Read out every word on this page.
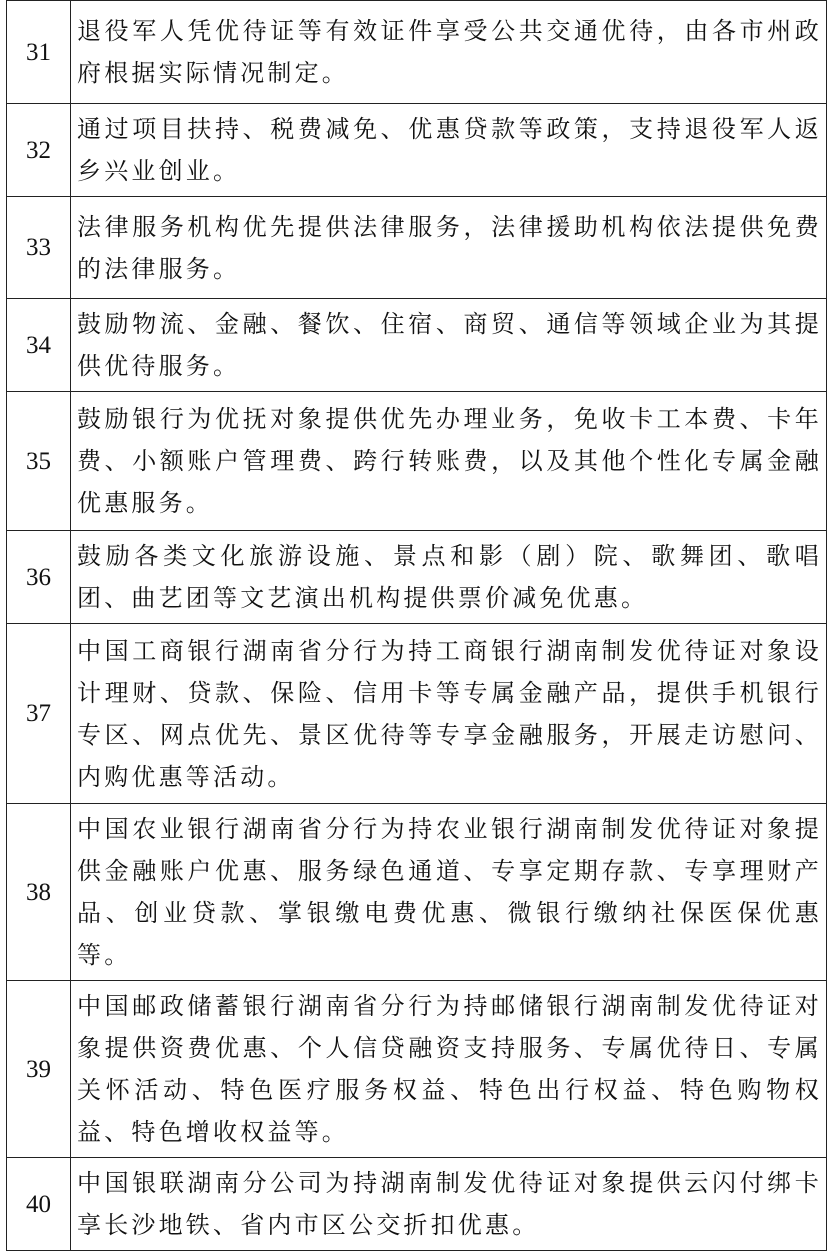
31	退役军人凭优待证等有效证件享受公共交通优待，由各市州政府根据实际情况制定。
32	通过项目扶持、税费减免、优惠贷款等政策，支持退役军人返乡兴业创业。
33	法律服务机构优先提供法律服务，法律援助机构依法提供免费的法律服务。
34	鼓励物流、金融、餐饮、住宿、商贸、通信等领域企业为其提供优待服务。
35	鼓励银行为优抚对象提供优先办理业务，免收卡工本费、卡年费、小额账户管理费、跨行转账费，以及其他个性化专属金融优惠服务。
36	鼓励各类文化旅游设施、景点和影（剧）院、歌舞团、歌唱团、曲艺团等文艺演出机构提供票价减免优惠。
37	中国工商银行湖南省分行为持工商银行湖南制发优待证对象设计理财、贷款、保险、信用卡等专属金融产品，提供手机银行专区、网点优先、景区优待等专享金融服务，开展走访慰问、内购优惠等活动。
38	中国农业银行湖南省分行为持农业银行湖南制发优待证对象提供金融账户优惠、服务绿色通道、专享定期存款、专享理财产品、创业贷款、掌银缴电费优惠、微银行缴纳社保医保优惠等。
39	中国邮政储蓄银行湖南省分行为持邮储银行湖南制发优待证对象提供资费优惠、个人信贷融资支持服务、专属优待日、专属关怀活动、特色医疗服务权益、特色出行权益、特色购物权益、特色增收权益等。
40	中国银联湖南分公司为持湖南制发优待证对象提供云闪付绑卡享长沙地铁、省内市区公交折扣优惠。
